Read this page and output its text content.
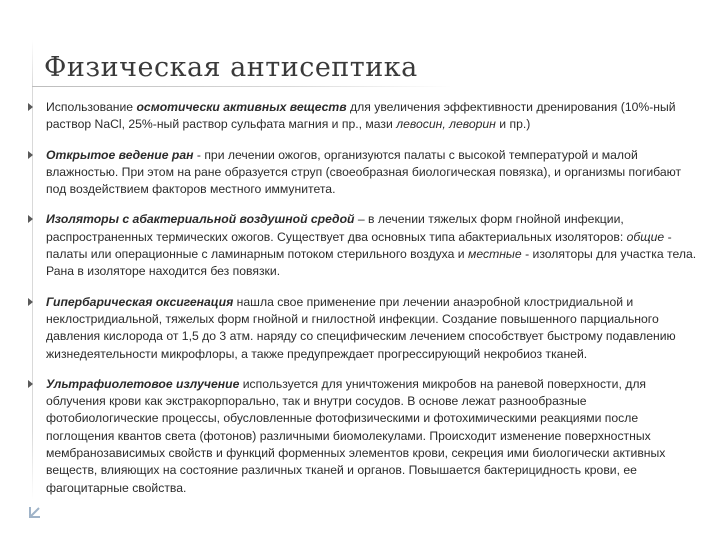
Физическая антисептика
Использование осмотически активных веществ для увеличения эффективности дренирования (10%-ный раствор NaCl, 25%-ный раствор сульфата магния и пр., мази левосин, леворин и пр.)
Открытое ведение ран - при лечении ожогов, организуются палаты с высокой температурой и малой влажностью. При этом на ране образуется струп (своеобразная биологическая повязка), и организмы погибают под воздействием факторов местного иммунитета.
Изоляторы с абактериальной воздушной средой – в лечении тяжелых форм гнойной инфекции, распространенных термических ожогов. Существует два основных типа абактериальных изоляторов: общие - палаты или операционные с ламинарным потоком стерильного воздуха и местные - изоляторы для участка тела. Рана в изоляторе находится без повязки.
Гипербарическая оксигенация нашла свое применение при лечении анаэробной клостридиальной и неклостридиальной, тяжелых форм гнойной и гнилостной инфекции. Создание повышенного парциального давления кислорода от 1,5 до 3 атм. наряду со специфическим лечением способствует быстрому подавлению жизнедеятельности микрофлоры, а также предупреждает прогрессирующий некробиоз тканей.
Ультрафиолетовое излучение используется для уничтожения микробов на раневой поверхности, для облучения крови как экстракорпорально, так и внутри сосудов. В основе лежат разнообразные фотобиологические процессы, обусловленные фотофизическими и фотохимическими реакциями после поглощения квантов света (фотонов) различными биомолекулами. Происходит изменение поверхностных мембранозависимых свойств и функций форменных элементов крови, секреция ими биологически активных веществ, влияющих на состояние различных тканей и органов. Повышается бактерицидность крови, ее фагоцитарные свойства.
